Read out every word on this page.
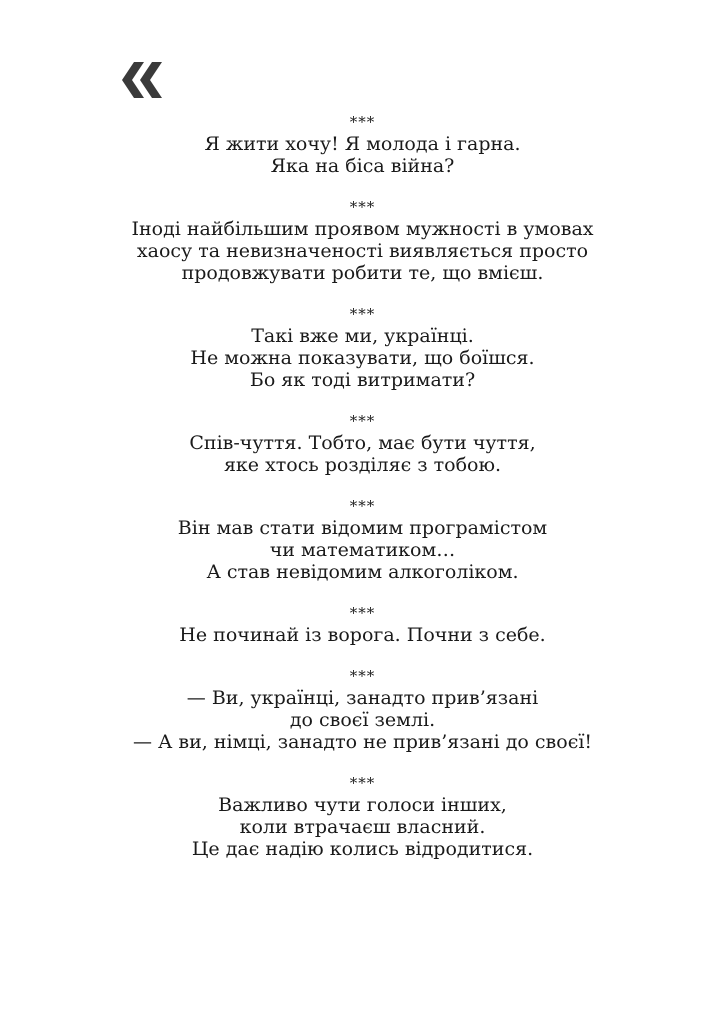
***
Я жити хочу! Я молода і гарна.
Яка на біса війна?
***
Іноді найбільшим проявом мужності в умовах
хаосу та невизначеності виявляється просто
продовжувати робити те, що вмієш.
***
Такі вже ми, українці.
Не можна показувати, що боїшся.
Бо як тоді витримати?
***
Спів-чуття. Тобто, має бути чуття,
яке хтось розділяє з тобою.
***
Він мав стати відомим програмістом
чи математиком…
А став невідомим алкоголіком.
***
Не починай із ворога. Почни з себе.
***
— Ви, українці, занадто прив’язані
до своєї землі.
— А ви, німці, занадто не прив’язані до своєї!
***
Важливо чути голоси інших,
коли втрачаєш власний.
Це дає надію колись відродитися.
